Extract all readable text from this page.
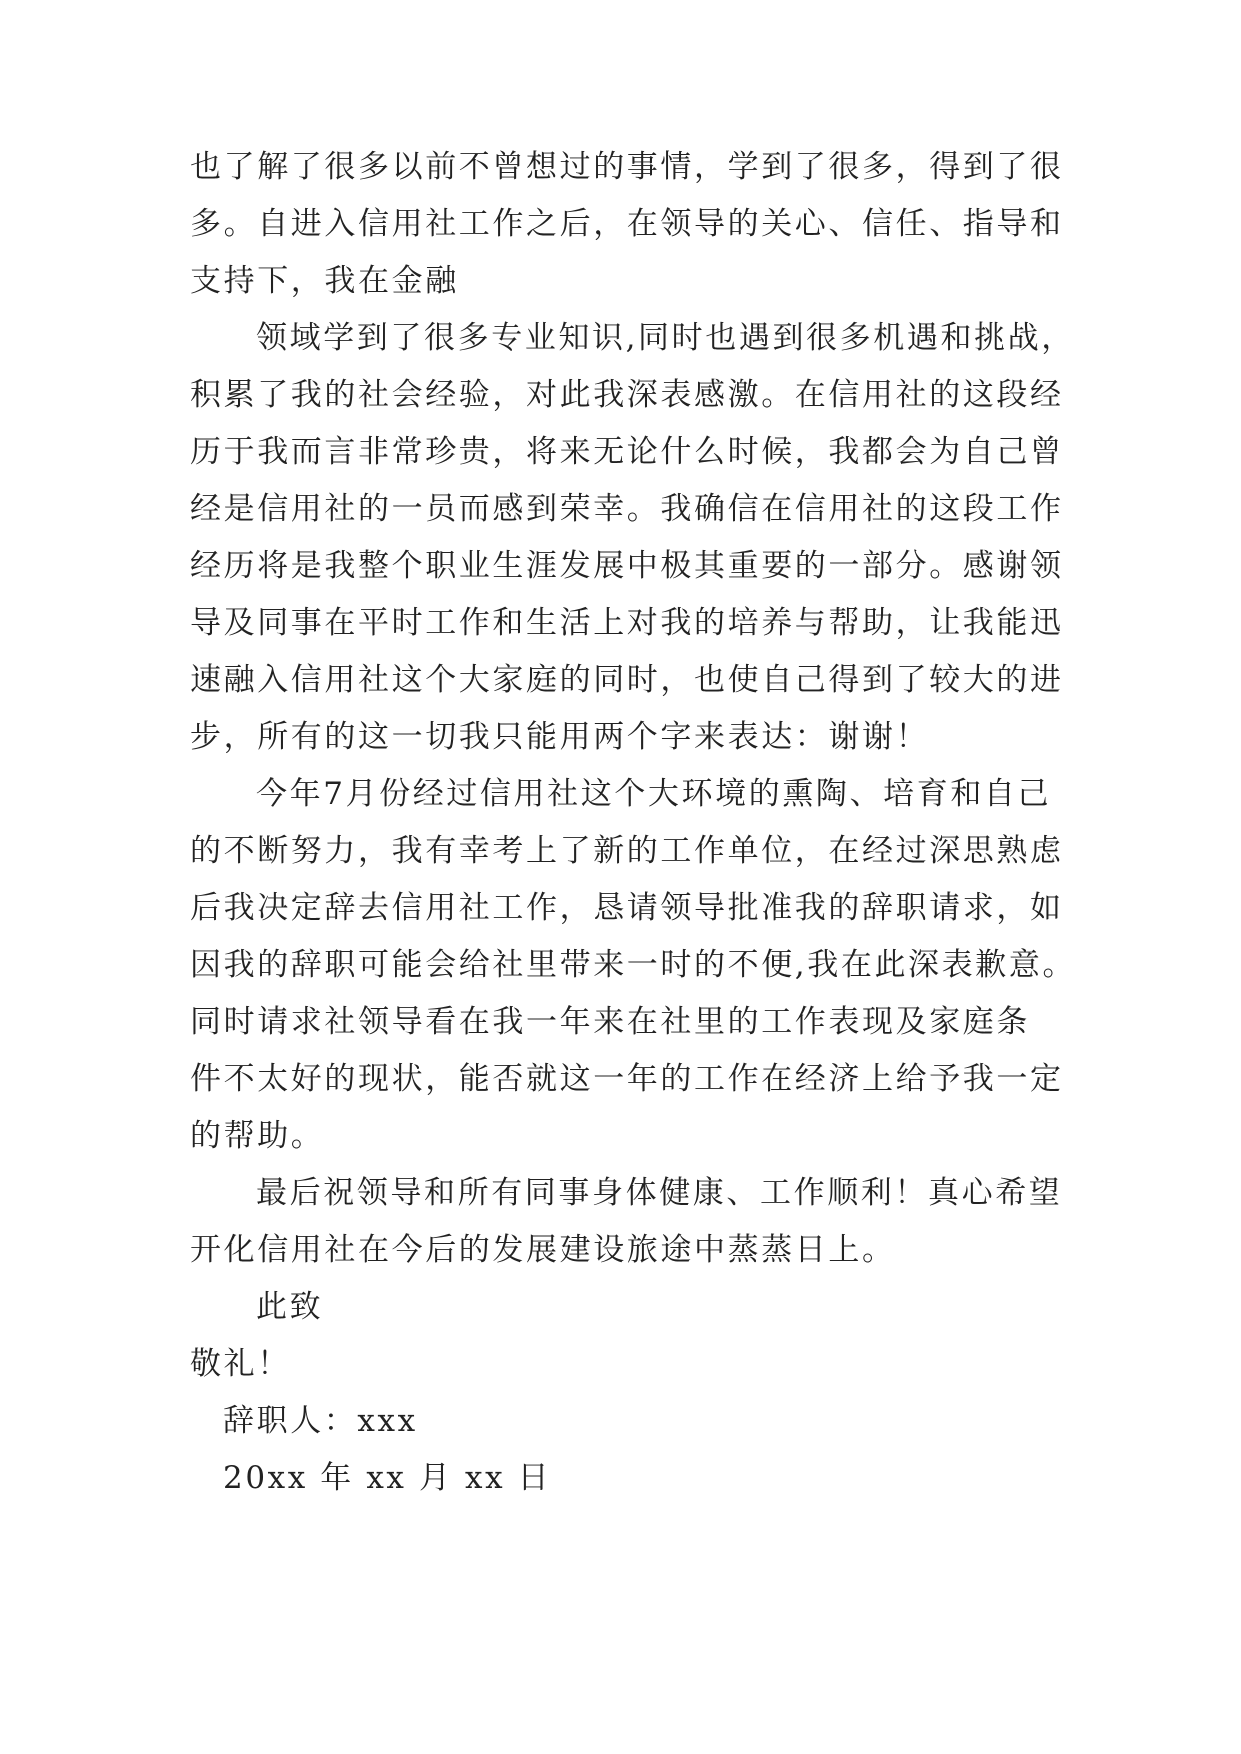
也了解了很多以前不曾想过的事情，学到了很多，得到了很
多。自进入信用社工作之后，在领导的关心、信任、指导和
支持下，我在金融
领域学到了很多专业知识,同时也遇到很多机遇和挑战，
积累了我的社会经验，对此我深表感激。在信用社的这段经
历于我而言非常珍贵，将来无论什么时候，我都会为自己曾
经是信用社的一员而感到荣幸。我确信在信用社的这段工作
经历将是我整个职业生涯发展中极其重要的一部分。感谢领
导及同事在平时工作和生活上对我的培养与帮助，让我能迅
速融入信用社这个大家庭的同时，也使自己得到了较大的进
步，所有的这一切我只能用两个字来表达：谢谢！
今年7月份经过信用社这个大环境的熏陶、培育和自己
的不断努力，我有幸考上了新的工作单位，在经过深思熟虑
后我决定辞去信用社工作，恳请领导批准我的辞职请求，如
因我的辞职可能会给社里带来一时的不便,我在此深表歉意。
同时请求社领导看在我一年来在社里的工作表现及家庭条
件不太好的现状，能否就这一年的工作在经济上给予我一定
的帮助。
最后祝领导和所有同事身体健康、工作顺利！真心希望
开化信用社在今后的发展建设旅途中蒸蒸日上。
此致
敬礼！
辞职人：xxx
20xx 年 xx 月 xx 日
